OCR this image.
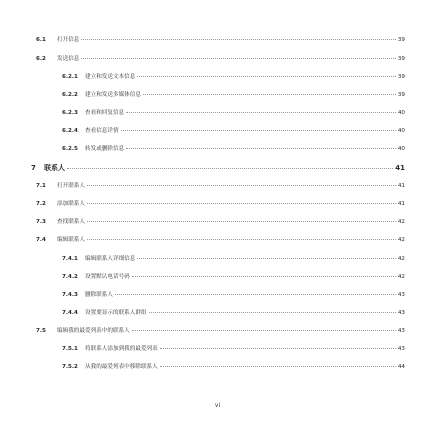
6.1	打开信息	39
6.2	发送信息	39
6.2.1	建立和发送文本信息	39
6.2.2	建立和发送多媒体信息	39
6.2.3	查看和回复信息	40
6.2.4	查看信息详情	40
6.2.5	转发或删除信息	40
7	联系人	41
7.1	打开联系人	41
7.2	添加联系人	41
7.3	查找联系人	42
7.4	编辑联系人	42
7.4.1	编辑联系人详细信息	42
7.4.2	设置默认电话号码	42
7.4.3	删除联系人	43
7.4.4	设置要显示的联系人群组	43
7.5	编辑我的最爱列表中的联系人	43
7.5.1	将联系人添加到我的最爱列表	43
7.5.2	从我的最爱列表中移除联系人	44
vi
